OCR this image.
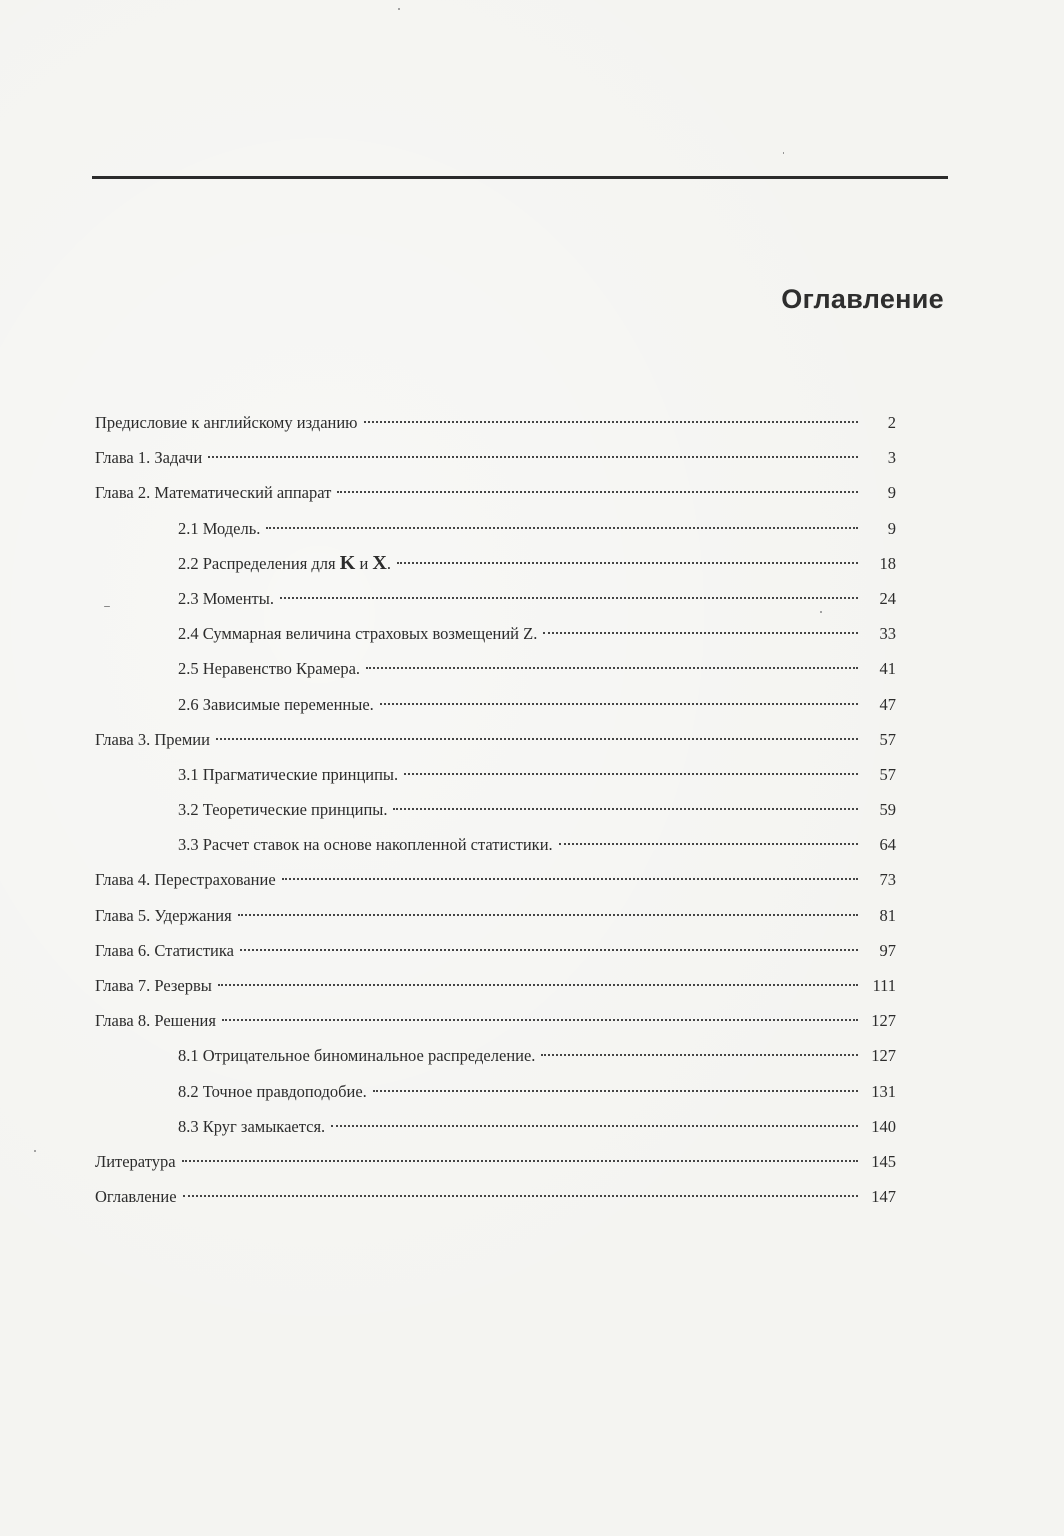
Оглавление
Предисловие к английскому изданию	2
Глава 1. Задачи	3
Глава 2. Математический аппарат	9
2.1 Модель.	9
2.2 Распределения для K и X.	18
2.3 Моменты.	24
2.4 Суммарная величина страховых возмещений Z.	33
2.5 Неравенство Крамера.	41
2.6 Зависимые переменные.	47
Глава 3. Премии	57
3.1 Прагматические принципы.	57
3.2 Теоретические принципы.	59
3.3 Расчет ставок на основе накопленной статистики.	64
Глава 4. Перестрахование	73
Глава 5. Удержания	81
Глава 6. Статистика	97
Глава 7. Резервы	111
Глава 8. Решения	127
8.1 Отрицательное биноминальное распределение.	127
8.2 Точное правдоподобие.	131
8.3 Круг замыкается.	140
Литература	145
Оглавление	147
